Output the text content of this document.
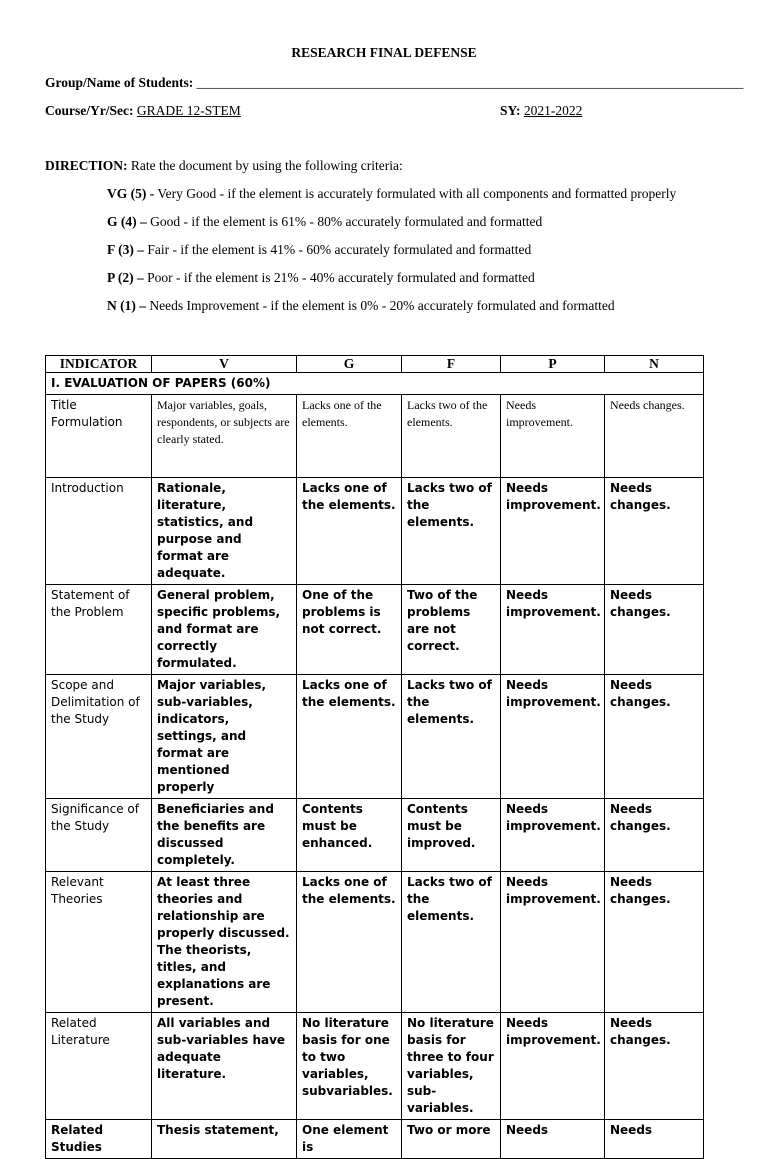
RESEARCH FINAL DEFENSE
Group/Name of Students: _________________________________________________________________________________
Course/Yr/Sec: GRADE 12-STEM	SY: 2021-2022
DIRECTION: Rate the document by using the following criteria:
VG (5) - Very Good - if the element is accurately formulated with all components and formatted properly
G (4) – Good - if the element is 61% - 80% accurately formulated and formatted
F (3) – Fair - if the element is 41% - 60% accurately formulated and formatted
P (2) – Poor - if the element is 21% - 40% accurately formulated and formatted
N (1) – Needs Improvement - if the element is 0% - 20% accurately formulated and formatted
INDICATOR	V	G	F	P	N
I. EVALUATION OF PAPERS (60%)					
Title Formulation	Major variables, goals, respondents, or subjects are clearly stated.	Lacks one of the elements.	Lacks two of the elements.	Needs improvement.	Needs changes.
Introduction	Rationale, literature, statistics, and purpose and format are adequate.	Lacks one of the elements.	Lacks two of the elements.	Needs improvement.	Needs changes.
Statement of the Problem	General problem, specific problems, and format are correctly formulated.	One of the problems is not correct.	Two of the problems are not correct.	Needs improvement.	Needs changes.
Scope and Delimitation of the Study	Major variables, sub-variables, indicators, settings, and format are mentioned properly	Lacks one of the elements.	Lacks two of the elements.	Needs improvement.	Needs changes.
Significance of the Study	Beneficiaries and the benefits are discussed completely.	Contents must be enhanced.	Contents must be improved.	Needs improvement.	Needs changes.
Relevant Theories	At least three theories and relationship are properly discussed. The theorists, titles, and explanations are present.	Lacks one of the elements.	Lacks two of the elements.	Needs improvement.	Needs changes.
Related Literature	All variables and sub-variables have adequate literature.	No literature basis for one to two variables, subvariables.	No literature basis for three to four variables, sub-variables.	Needs improvement.	Needs changes.
Related Studies	Thesis statement,	One element is	Two or more	Needs	Needs
